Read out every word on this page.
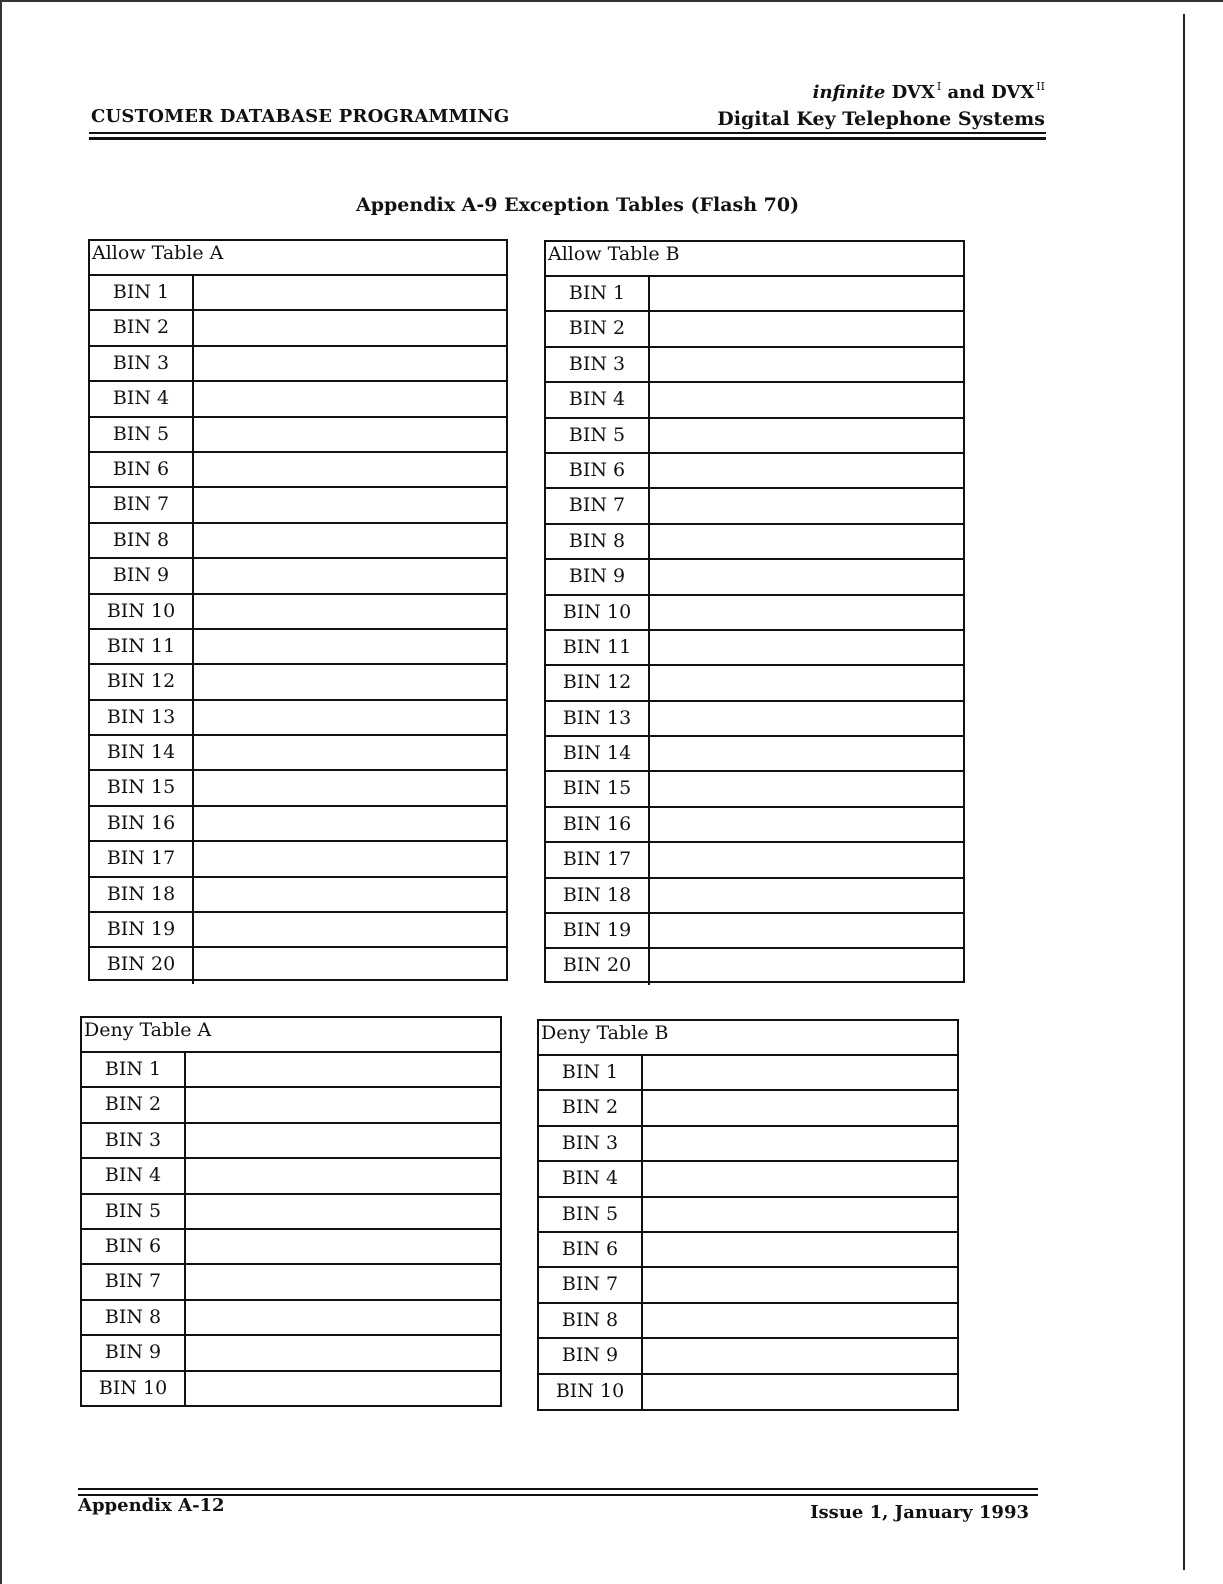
CUSTOMER DATABASE PROGRAMMING
infinite DVX $^I$ and DVX $^{II}$
Digital Key Telephone Systems
Appendix A-9 Exception Tables (Flash 70)
Allow Table A
BIN 1
BIN 2
BIN 3
BIN 4
BIN 5
BIN 6
BIN 7
BIN 8
BIN 9
BIN 10
BIN 11
BIN 12
BIN 13
BIN 14
BIN 15
BIN 16
BIN 17
BIN 18
BIN 19
BIN 20
Allow Table B
BIN 1
BIN 2
BIN 3
BIN 4
BIN 5
BIN 6
BIN 7
BIN 8
BIN 9
BIN 10
BIN 11
BIN 12
BIN 13
BIN 14
BIN 15
BIN 16
BIN 17
BIN 18
BIN 19
BIN 20
Deny Table A
BIN 1
BIN 2
BIN 3
BIN 4
BIN 5
BIN 6
BIN 7
BIN 8
BIN 9
BIN 10
Deny Table B
BIN 1
BIN 2
BIN 3
BIN 4
BIN 5
BIN 6
BIN 7
BIN 8
BIN 9
BIN 10
Appendix A-12	Issue 1, January 1993
